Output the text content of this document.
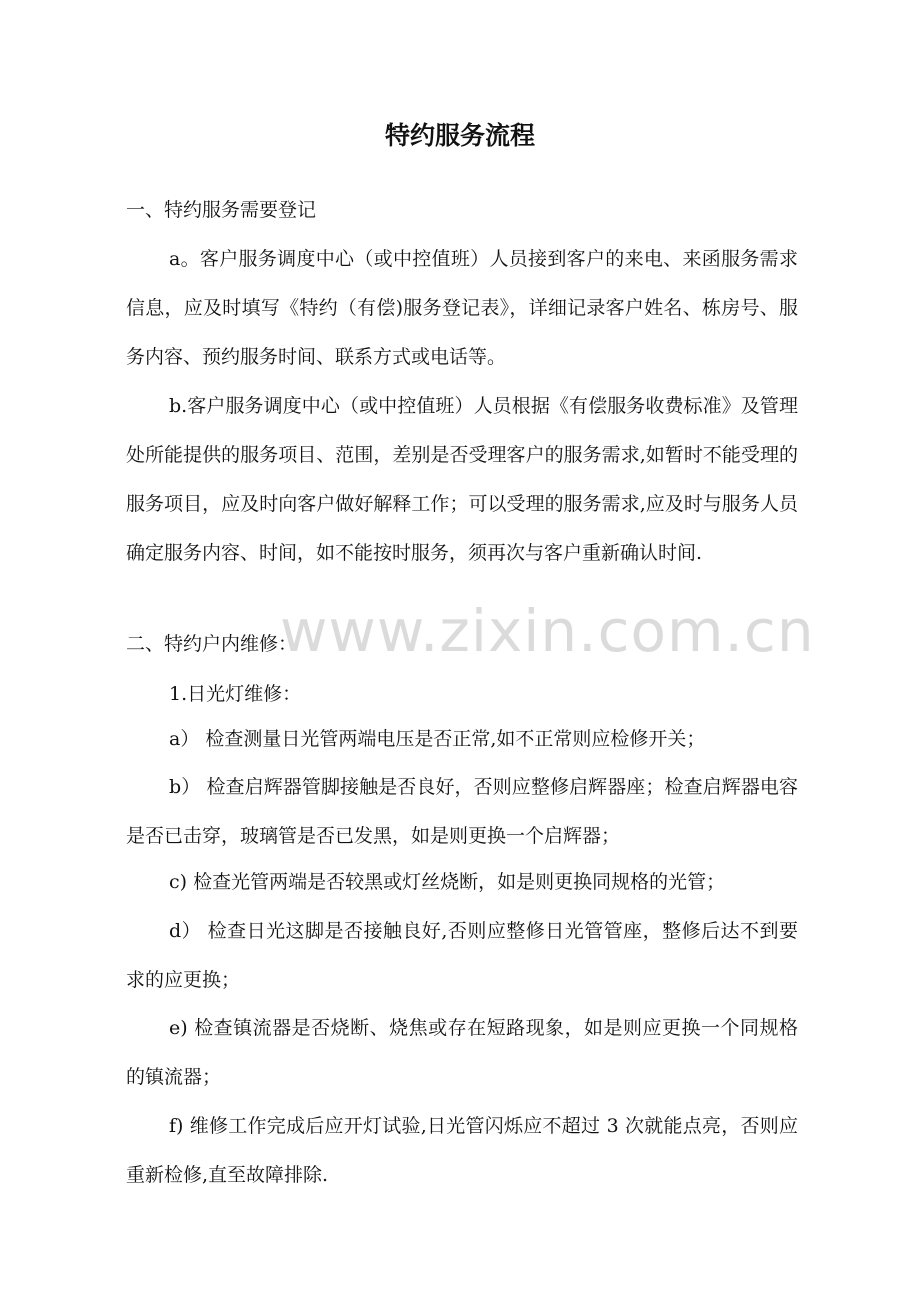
特约服务流程

一、特约服务需要登记

a。客户服务调度中心（或中控值班）人员接到客户的来电、来函服务需求信息，应及时填写《特约（有偿)服务登记表》，详细记录客户姓名、栋房号、服务内容、预约服务时间、联系方式或电话等。

b.客户服务调度中心（或中控值班）人员根据《有偿服务收费标准》及管理处所能提供的服务项目、范围，差别是否受理客户的服务需求,如暂时不能受理的服务项目，应及时向客户做好解释工作；可以受理的服务需求,应及时与服务人员确定服务内容、时间，如不能按时服务，须再次与客户重新确认时间.

二、特约户内维修：

1.日光灯维修：

a） 检查测量日光管两端电压是否正常,如不正常则应检修开关；

b） 检查启辉器管脚接触是否良好，否则应整修启辉器座；检查启辉器电容是否已击穿，玻璃管是否已发黑，如是则更换一个启辉器；

c) 检查光管两端是否较黑或灯丝烧断，如是则更换同规格的光管；

d） 检查日光这脚是否接触良好,否则应整修日光管管座，整修后达不到要求的应更换；

e) 检查镇流器是否烧断、烧焦或存在短路现象，如是则应更换一个同规格的镇流器；

f) 维修工作完成后应开灯试验,日光管闪烁应不超过 3 次就能点亮，否则应重新检修,直至故障排除.

www.zixin.com.cn
